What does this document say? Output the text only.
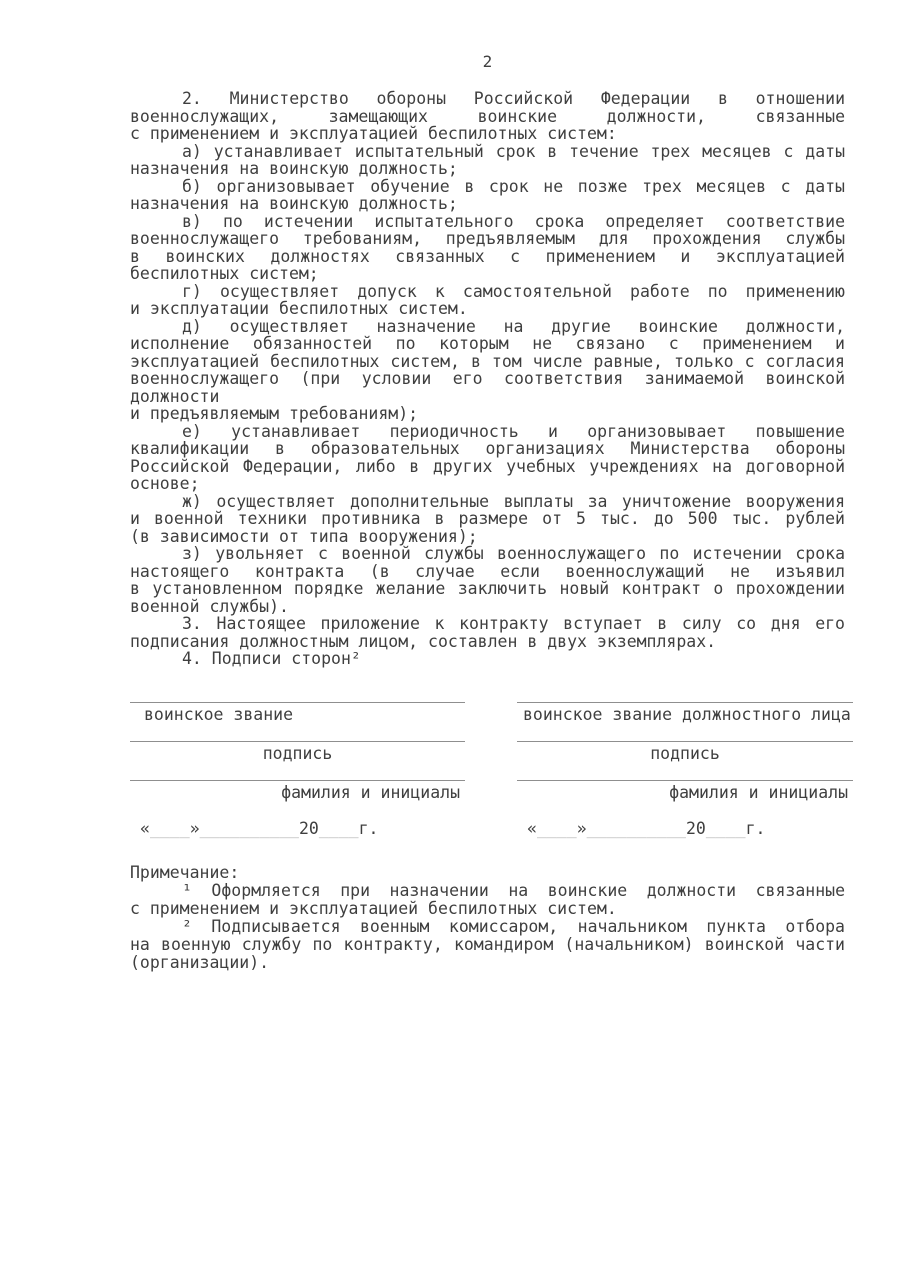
2
2. Министерство обороны Российской Федерации в отношении
военнослужащих, замещающих воинские должности, связанные
с применением и эксплуатацией беспилотных систем:
а) устанавливает испытательный срок в течение трех месяцев с даты
назначения на воинскую должность;
б) организовывает обучение в срок не позже трех месяцев с даты
назначения на воинскую должность;
в) по истечении испытательного срока определяет соответствие
военнослужащего требованиям, предъявляемым для прохождения службы
в воинских должностях связанных с применением и эксплуатацией
беспилотных систем;
г) осуществляет допуск к самостоятельной работе по применению
и эксплуатации беспилотных систем.
д) осуществляет назначение на другие воинские должности,
исполнение обязанностей по которым не связано с применением и
эксплуатацией беспилотных систем, в том числе равные, только с согласия
военнослужащего (при условии его соответствия занимаемой воинской
должности
и предъявляемым требованиям);
е) устанавливает периодичность и организовывает повышение
квалификации в образовательных организациях Министерства обороны
Российской Федерации, либо в других учебных учреждениях на договорной
основе;
ж) осуществляет дополнительные выплаты за уничтожение вооружения
и военной техники противника в размере от 5 тыс. до 500 тыс. рублей
(в зависимости от типа вооружения);
з) увольняет с военной службы военнослужащего по истечении срока
настоящего контракта (в случае если военнослужащий не изъявил
в установленном порядке желание заключить новый контракт о прохождении
военной службы).
3. Настоящее приложение к контракту вступает в силу со дня его
подписания должностным лицом, составлен в двух экземплярах.
4. Подписи сторон²
воинское звание
подпись
фамилия и инициалы
«____»__________20____г.
воинское звание должностного лица
подпись
фамилия и инициалы
«____»__________20____г.
Примечание:
¹ Оформляется при назначении на воинские должности связанные
с применением и эксплуатацией беспилотных систем.
² Подписывается военным комиссаром, начальником пункта отбора
на военную службу по контракту, командиром (начальником) воинской части
(организации).
